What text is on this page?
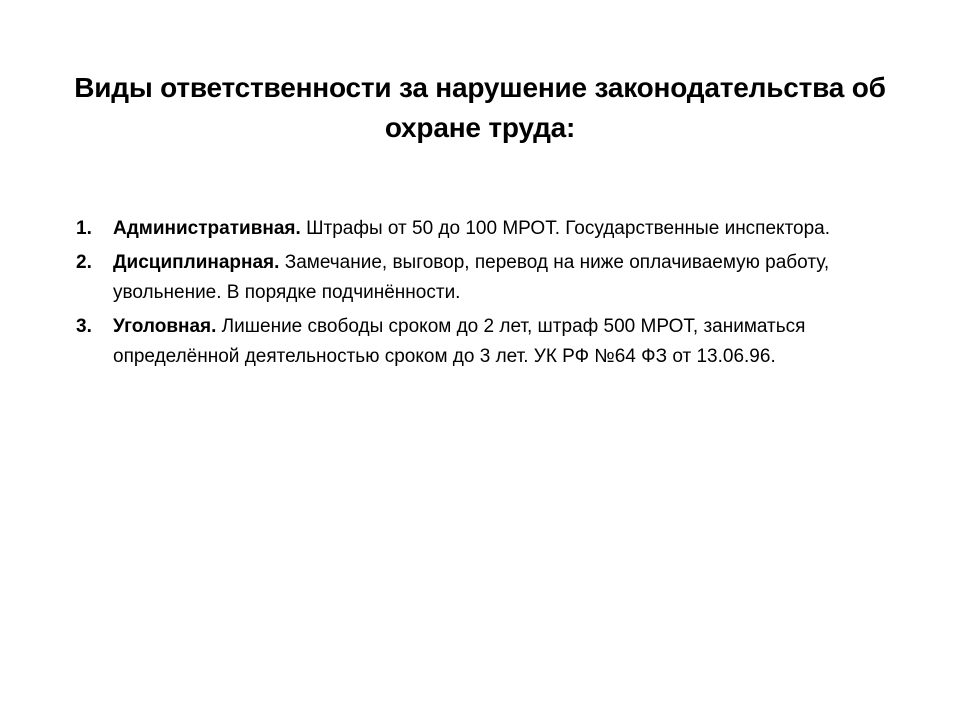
Виды ответственности за нарушение законодательства об охране труда:
1.	Административная. Штрафы от 50 до 100 МРОТ. Государственные инспектора.
2.	Дисциплинарная. Замечание, выговор, перевод на ниже оплачиваемую работу, увольнение. В порядке подчинённости.
3.	Уголовная. Лишение свободы сроком до 2 лет, штраф 500 МРОТ, заниматься определённой деятельностью сроком до 3 лет. УК РФ №64 ФЗ от 13.06.96.
